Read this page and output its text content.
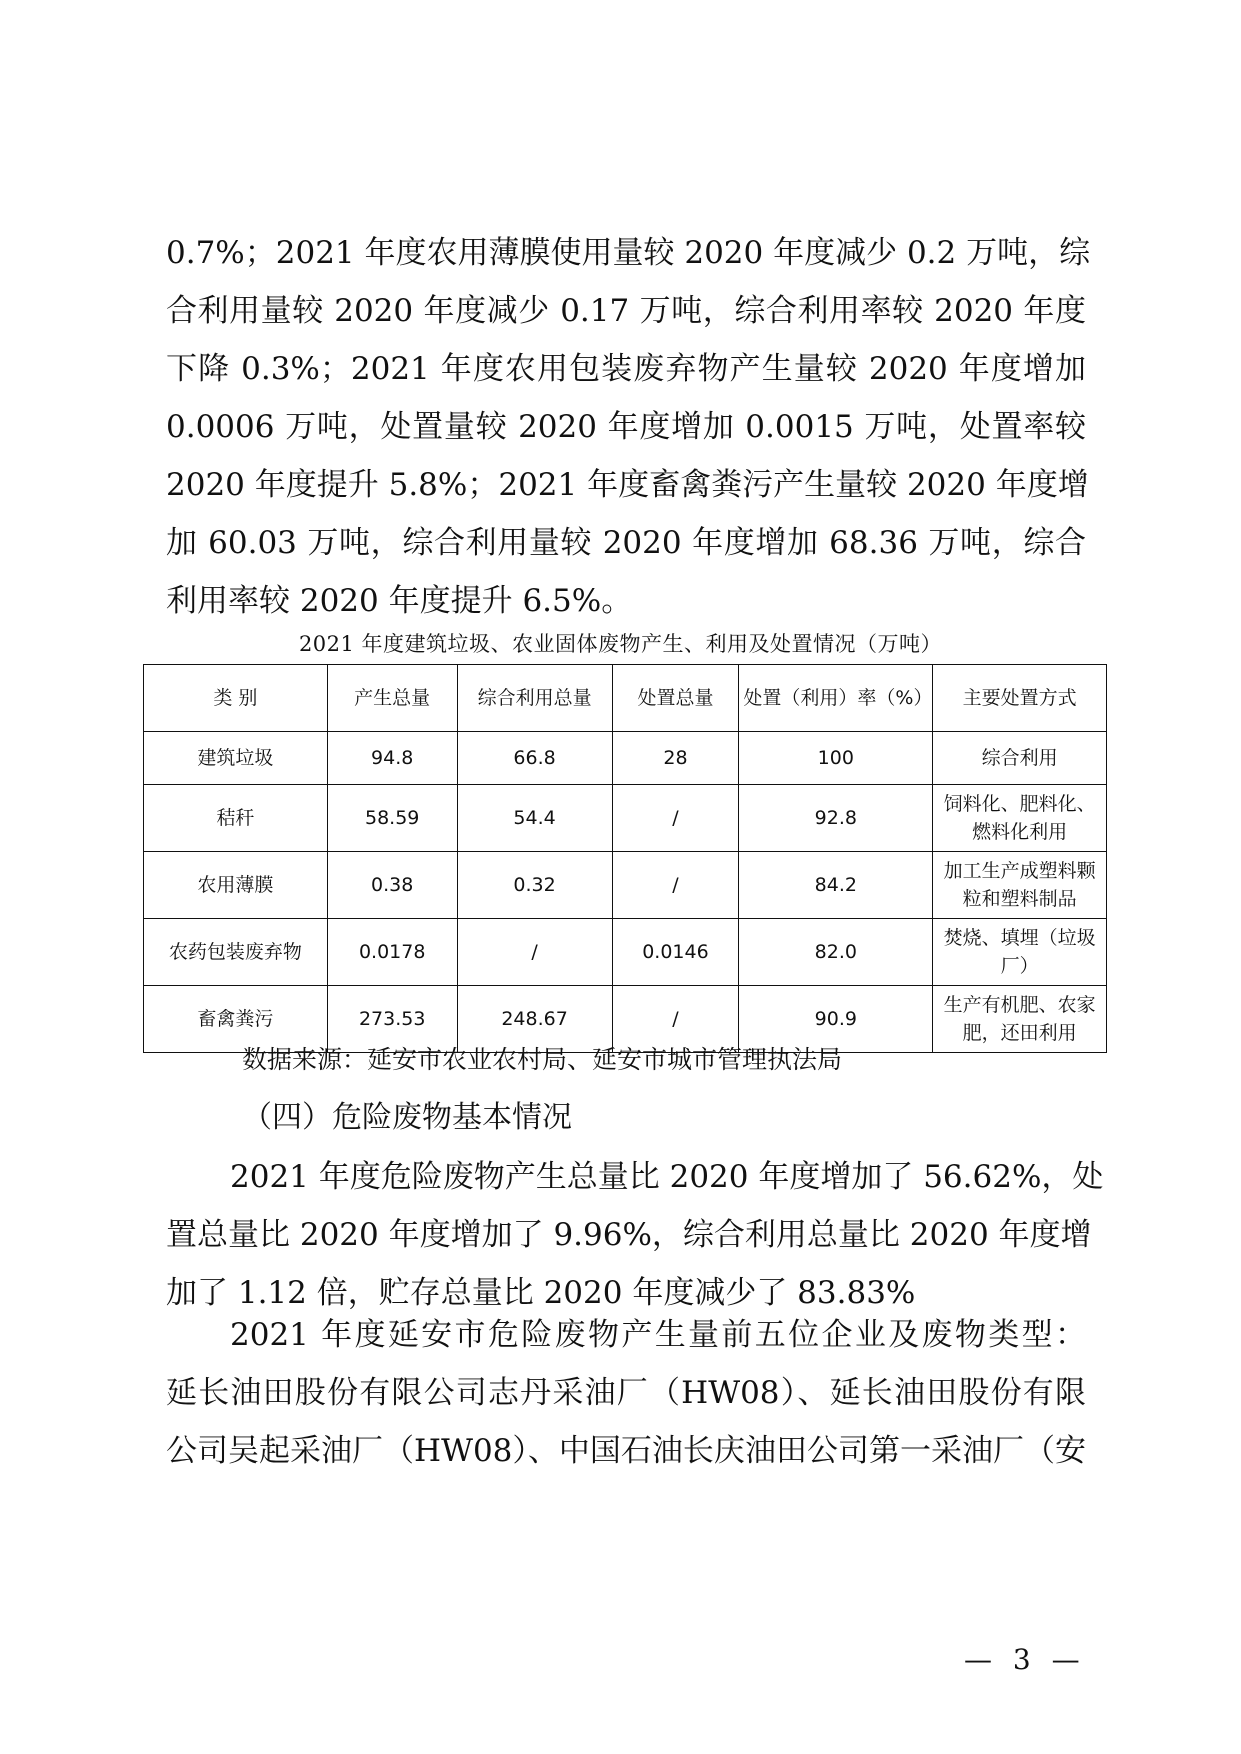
0.7%；2021 年度农用薄膜使用量较 2020 年度减少 0.2 万吨，综
合利用量较 2020 年度减少 0.17 万吨，综合利用率较 2020 年度
下降 0.3%；2021 年度农用包装废弃物产生量较 2020 年度增加
0.0006 万吨，处置量较 2020 年度增加 0.0015 万吨，处置率较
2020 年度提升 5.8%；2021 年度畜禽粪污产生量较 2020 年度增
加 60.03 万吨，综合利用量较 2020 年度增加 68.36 万吨，综合
利用率较 2020 年度提升 6.5%。
2021 年度建筑垃圾、农业固体废物产生、利用及处置情况（万吨）
类 别	产生总量	综合利用总量	处置总量	处置（利用）率（%）	主要处置方式
建筑垃圾	94.8	66.8	28	100	综合利用
秸秆	58.59	54.4	/	92.8	饲料化、肥料化、燃料化利用
农用薄膜	0.38	0.32	/	84.2	加工生产成塑料颗粒和塑料制品
农药包装废弃物	0.0178	/	0.0146	82.0	焚烧、填埋（垃圾厂）
畜禽粪污	273.53	248.67	/	90.9	生产有机肥、农家肥，还田利用
数据来源：延安市农业农村局、延安市城市管理执法局
（四）危险废物基本情况
2021 年度危险废物产生总量比 2020 年度增加了 56.62%，处
置总量比 2020 年度增加了 9.96%，综合利用总量比 2020 年度增
加了 1.12 倍，贮存总量比 2020 年度减少了 83.83%
2021 年度延安市危险废物产生量前五位企业及废物类型：
延长油田股份有限公司志丹采油厂（HW08）、延长油田股份有限
公司吴起采油厂（HW08）、中国石油长庆油田公司第一采油厂（安
— 3 —
